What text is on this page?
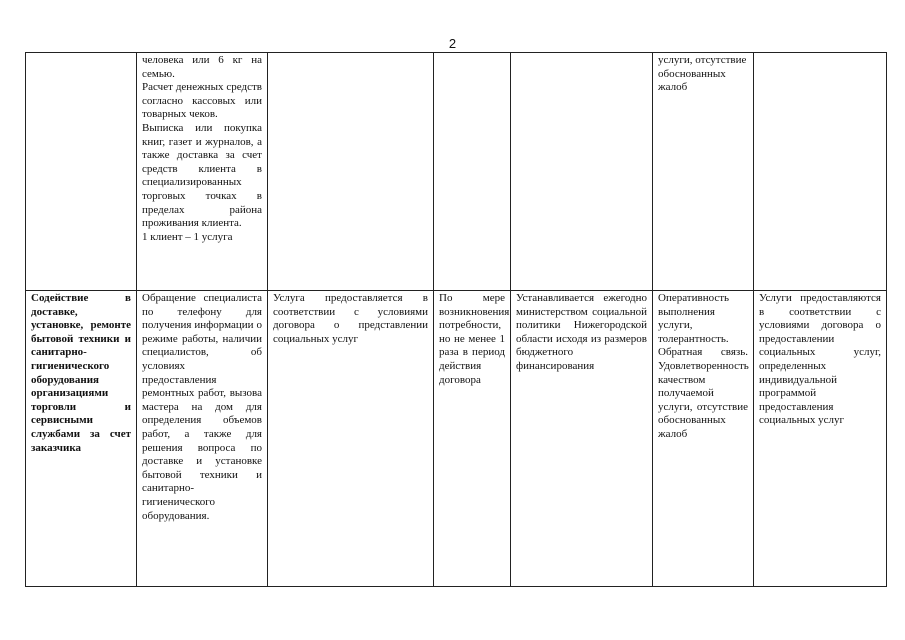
2

	человека или 6 кг на семью.
Расчет денежных средств согласно кассовых или товарных чеков.
Выписка или покупка книг, газет и журналов, а также доставка за счет средств клиента в специализированных торговых точках в пределах района проживания клиента.
1 клиент – 1 услуга				услуги, отсутствие обоснованных жалоб	

Содействие в доставке, установке, ремонте бытовой техники и санитарно-гигиенического оборудования организациями торговли и сервисными службами за счет заказчика	Обращение специалиста по телефону для получения информации о режиме работы, наличии специалистов, об условиях предоставления ремонтных работ, вызова мастера на дом для определения объемов работ, а также для решения вопроса по доставке и установке бытовой техники и санитарно-гигиенического оборудования.	Услуга предоставляется в соответствии с условиями договора о представлении социальных услуг	По мере возникновения потребности, но не менее 1 раза в период действия договора	Устанавливается ежегодно министерством социальной политики Нижегородской области исходя из размеров бюджетного финансирования	Оперативность выполнения услуги, толерантность. Обратная связь. Удовлетворенность качеством получаемой услуги, отсутствие обоснованных жалоб	Услуги предоставляются в соответствии с условиями договора о предоставлении социальных услуг, определенных индивидуальной программой предоставления социальных услуг
